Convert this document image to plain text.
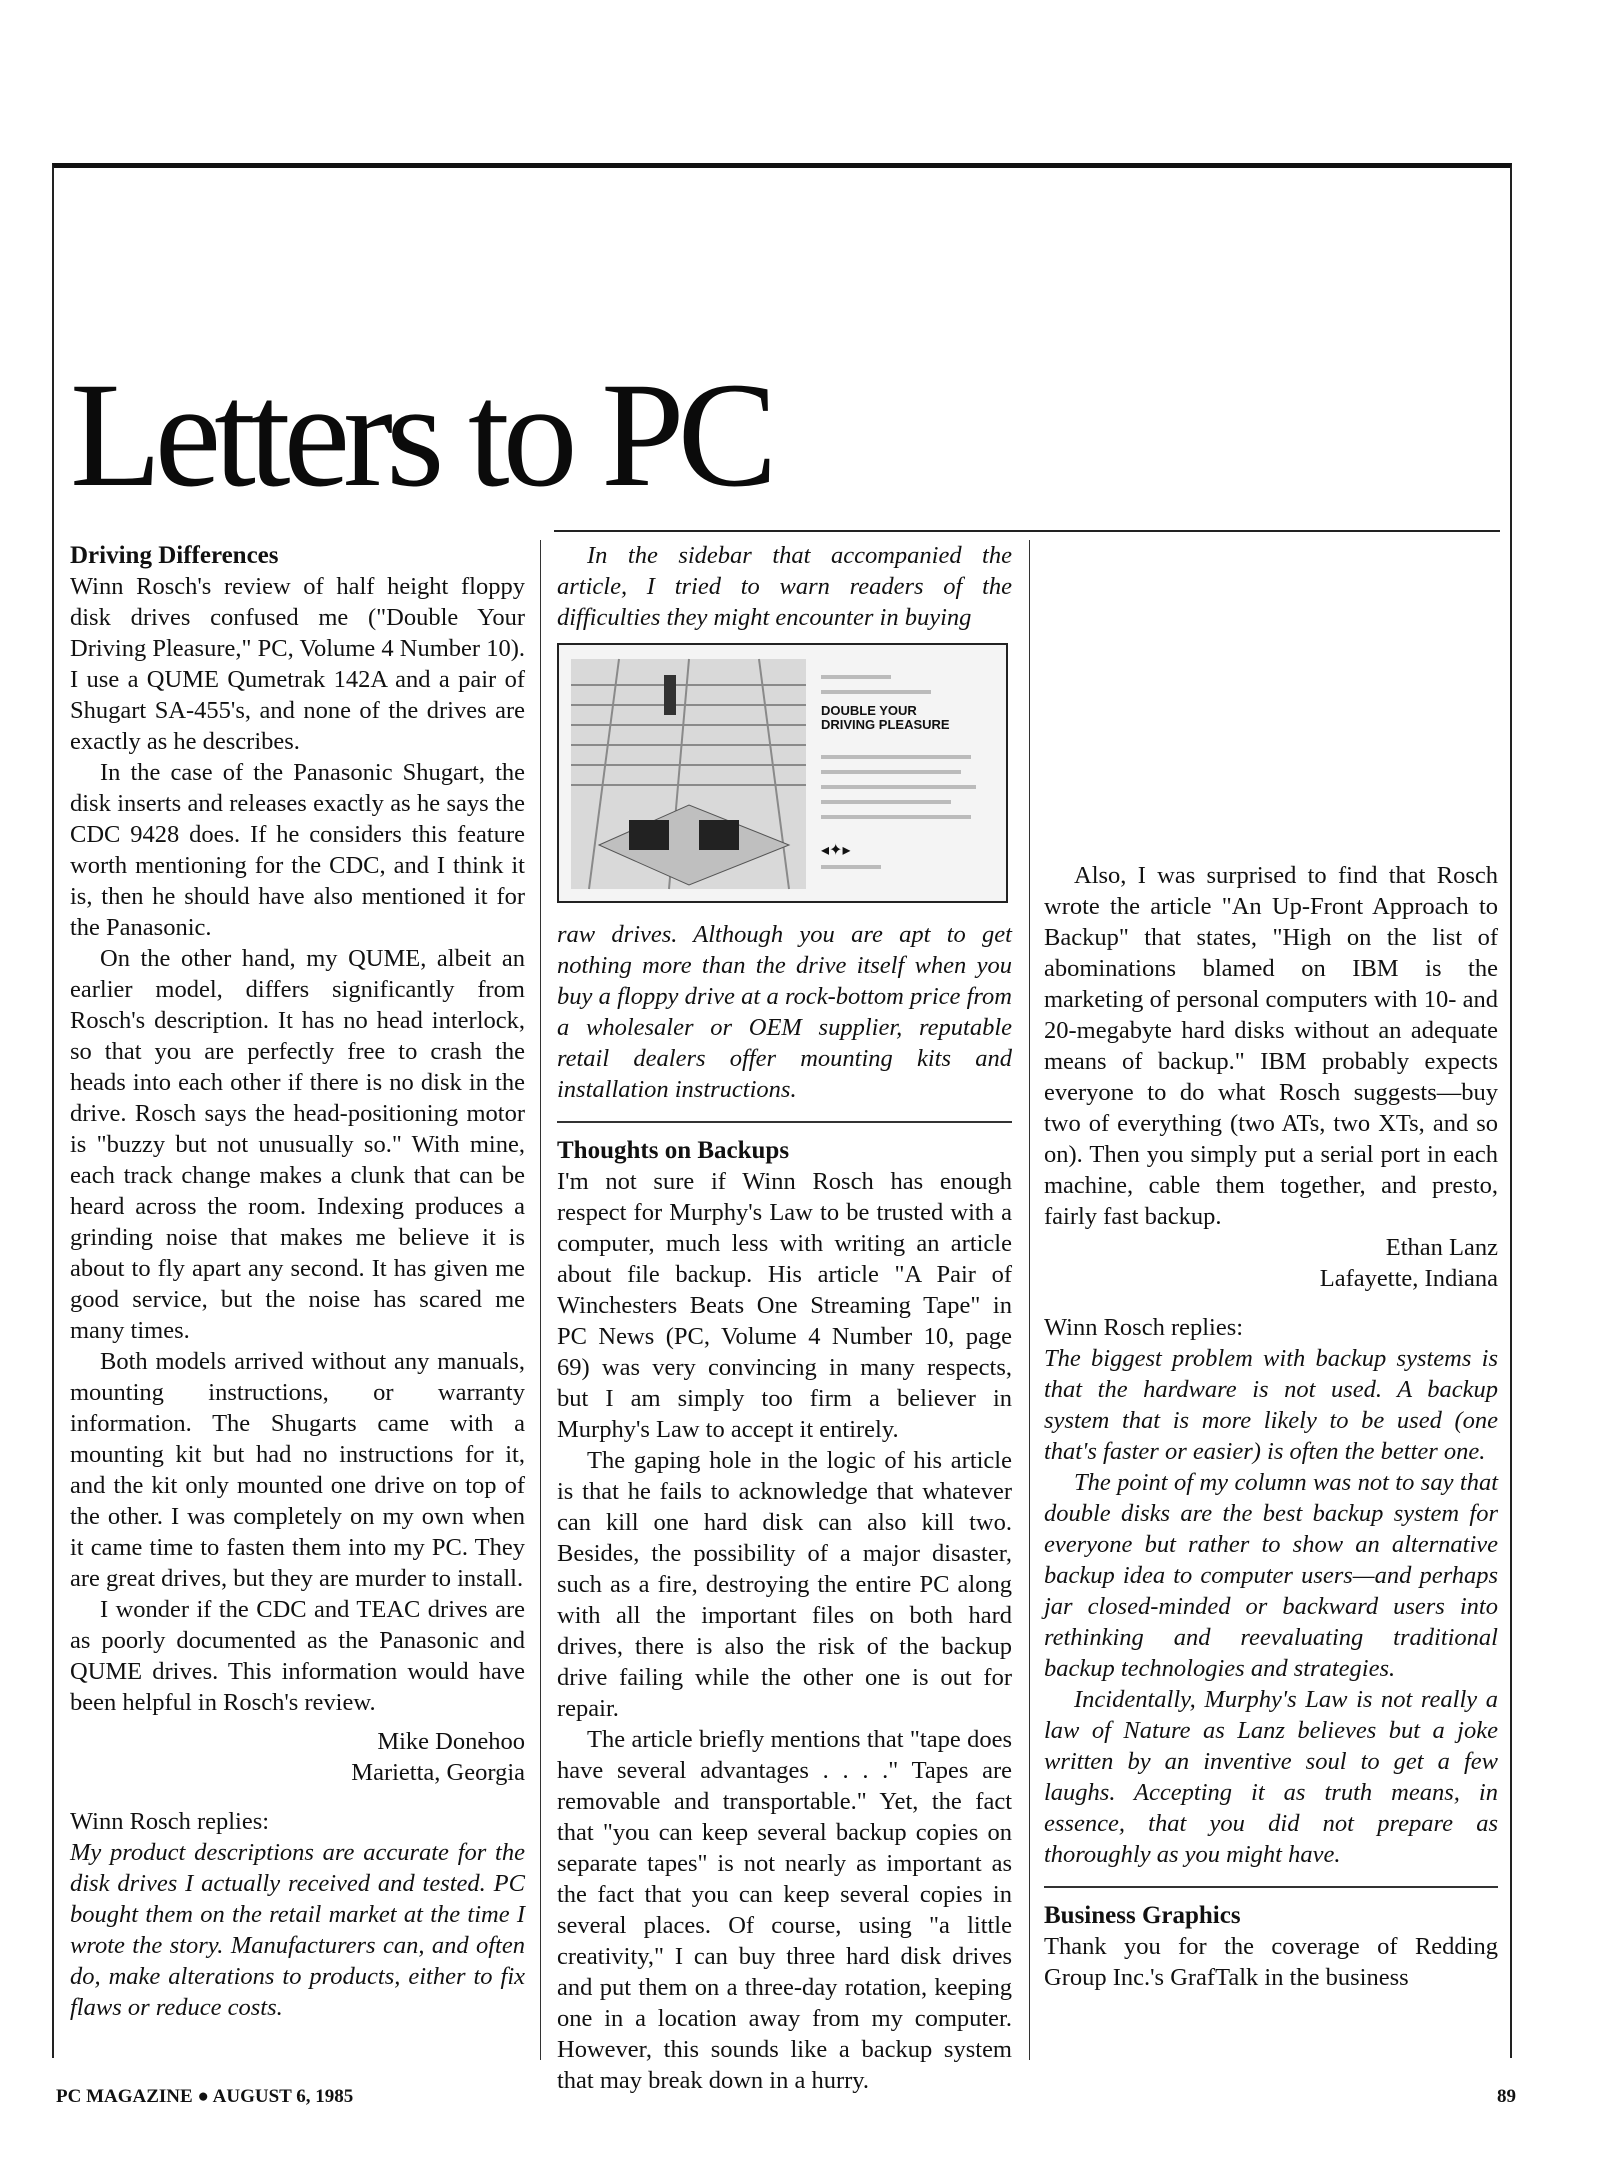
Letters to PC
Driving Differences

Winn Rosch's review of half height floppy disk drives confused me ("Double Your Driving Pleasure," PC, Volume 4 Number 10). I use a QUME Qumetrak 142A and a pair of Shugart SA-455's, and none of the drives are exactly as he describes.

In the case of the Panasonic Shugart, the disk inserts and releases exactly as he says the CDC 9428 does. If he considers this feature worth mentioning for the CDC, and I think it is, then he should have also mentioned it for the Panasonic.

On the other hand, my QUME, albeit an earlier model, differs significantly from Rosch's description. It has no head interlock, so that you are perfectly free to crash the heads into each other if there is no disk in the drive. Rosch says the head-positioning motor is "buzzy but not unusually so." With mine, each track change makes a clunk that can be heard across the room. Indexing produces a grinding noise that makes me believe it is about to fly apart any second. It has given me good service, but the noise has scared me many times.

Both models arrived without any manuals, mounting instructions, or warranty information. The Shugarts came with a mounting kit but had no instructions for it, and the kit only mounted one drive on top of the other. I was completely on my own when it came time to fasten them into my PC. They are great drives, but they are murder to install.

I wonder if the CDC and TEAC drives are as poorly documented as the Panasonic and QUME drives. This information would have been helpful in Rosch's review.

Mike Donehoo
Marietta, Georgia

Winn Rosch replies:

My product descriptions are accurate for the disk drives I actually received and tested. PC bought them on the retail market at the time I wrote the story. Manufacturers can, and often do, make alterations to products, either to fix flaws or reduce costs.

In the sidebar that accompanied the article, I tried to warn readers of the difficulties they might encounter in buying

DOUBLE YOUR
DRIVING PLEASURE
◂✦▸

raw drives. Although you are apt to get nothing more than the drive itself when you buy a floppy drive at a rock-bottom price from a wholesaler or OEM supplier, reputable retail dealers offer mounting kits and installation instructions.

Thoughts on Backups

I'm not sure if Winn Rosch has enough respect for Murphy's Law to be trusted with a computer, much less with writing an article about file backup. His article "A Pair of Winchesters Beats One Streaming Tape" in PC News (PC, Volume 4 Number 10, page 69) was very convincing in many respects, but I am simply too firm a believer in Murphy's Law to accept it entirely.

The gaping hole in the logic of his article is that he fails to acknowledge that whatever can kill one hard disk can also kill two. Besides, the possibility of a major disaster, such as a fire, destroying the entire PC along with all the important files on both hard drives, there is also the risk of the backup drive failing while the other one is out for repair.

The article briefly mentions that "tape does have several advantages . . . ." Tapes are removable and transportable." Yet, the fact that "you can keep several backup copies on separate tapes" is not nearly as important as the fact that you can keep several copies in several places. Of course, using "a little creativity," I can buy three hard disk drives and put them on a three-day rotation, keeping one in a location away from my computer. However, this sounds like a backup system that may break down in a hurry.

Also, I was surprised to find that Rosch wrote the article "An Up-Front Approach to Backup" that states, "High on the list of abominations blamed on IBM is the marketing of personal computers with 10- and 20-megabyte hard disks without an adequate means of backup." IBM probably expects everyone to do what Rosch suggests—buy two of everything (two ATs, two XTs, and so on). Then you simply put a serial port in each machine, cable them together, and presto, fairly fast backup.

Ethan Lanz
Lafayette, Indiana

Winn Rosch replies:

The biggest problem with backup systems is that the hardware is not used. A backup system that is more likely to be used (one that's faster or easier) is often the better one.

The point of my column was not to say that double disks are the best backup system for everyone but rather to show an alternative backup idea to computer users—and perhaps jar closed-minded or backward users into rethinking and reevaluating traditional backup technologies and strategies.

Incidentally, Murphy's Law is not really a law of Nature as Lanz believes but a joke written by an inventive soul to get a few laughs. Accepting it as truth means, in essence, that you did not prepare as thoroughly as you might have.

Business Graphics

Thank you for the coverage of Redding Group Inc.'s GrafTalk in the business

PC MAGAZINE ● AUGUST 6, 1985	89
